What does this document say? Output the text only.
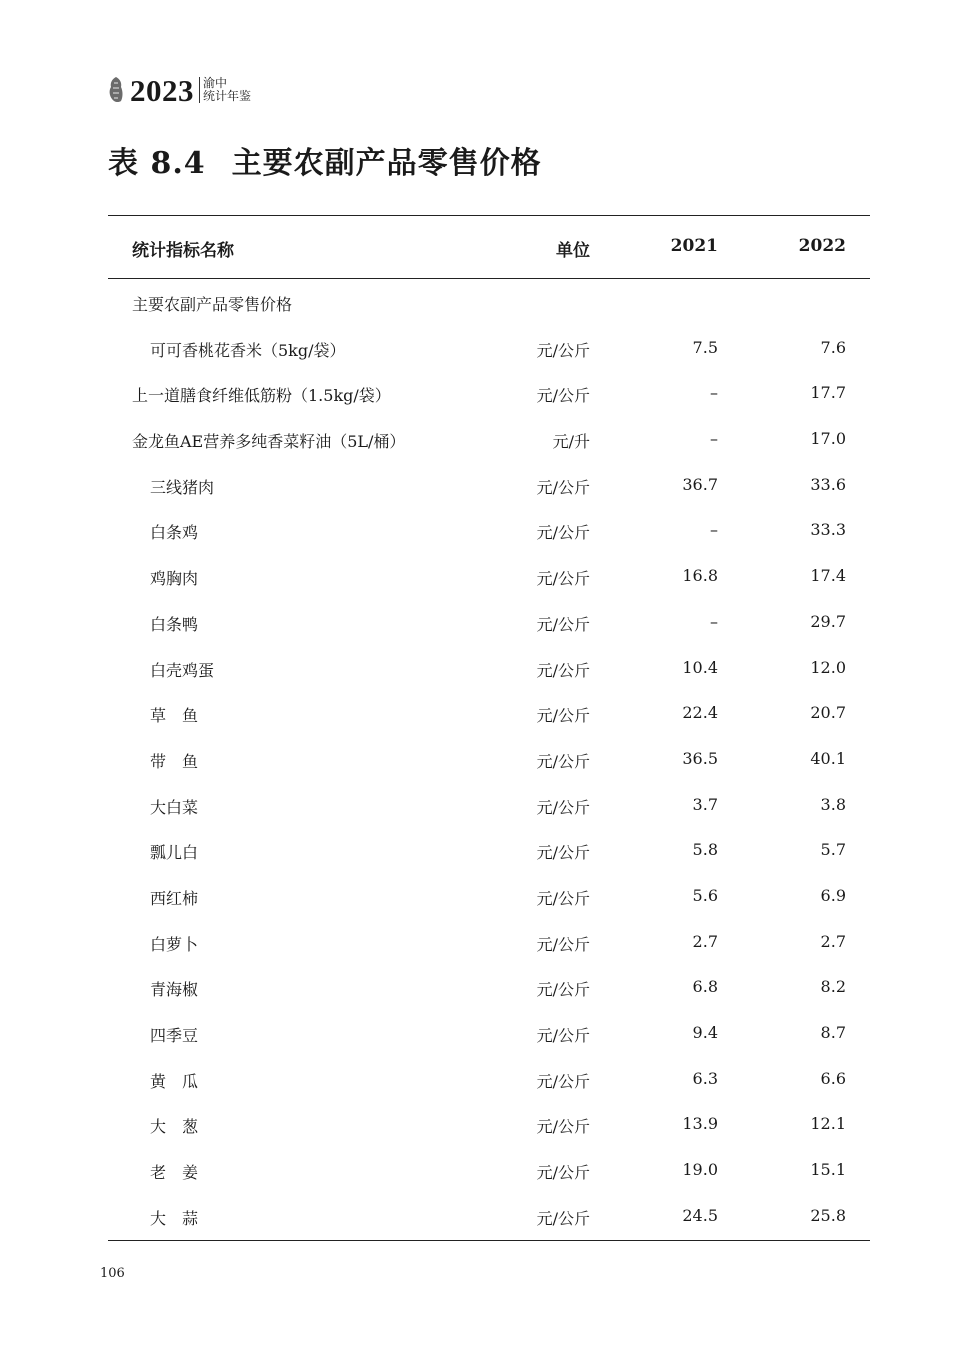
2023 渝中
统计年鉴
表 8.4 主要农副产品零售价格
统计指标名称	单位	2021	2022
主要农副产品零售价格
可可香桃花香米（5kg/袋）	元/公斤	7.5	7.6
上一道膳食纤维低筋粉（1.5kg/袋）	元/公斤	–	17.7
金龙鱼AE营养多纯香菜籽油（5L/桶）	元/升	–	17.0
三线猪肉	元/公斤	36.7	33.6
白条鸡	元/公斤	–	33.3
鸡胸肉	元/公斤	16.8	17.4
白条鸭	元/公斤	–	29.7
白壳鸡蛋	元/公斤	10.4	12.0
草　鱼	元/公斤	22.4	20.7
带　鱼	元/公斤	36.5	40.1
大白菜	元/公斤	3.7	3.8
瓢儿白	元/公斤	5.8	5.7
西红柿	元/公斤	5.6	6.9
白萝卜	元/公斤	2.7	2.7
青海椒	元/公斤	6.8	8.2
四季豆	元/公斤	9.4	8.7
黄　瓜	元/公斤	6.3	6.6
大　葱	元/公斤	13.9	12.1
老　姜	元/公斤	19.0	15.1
大　蒜	元/公斤	24.5	25.8
106
